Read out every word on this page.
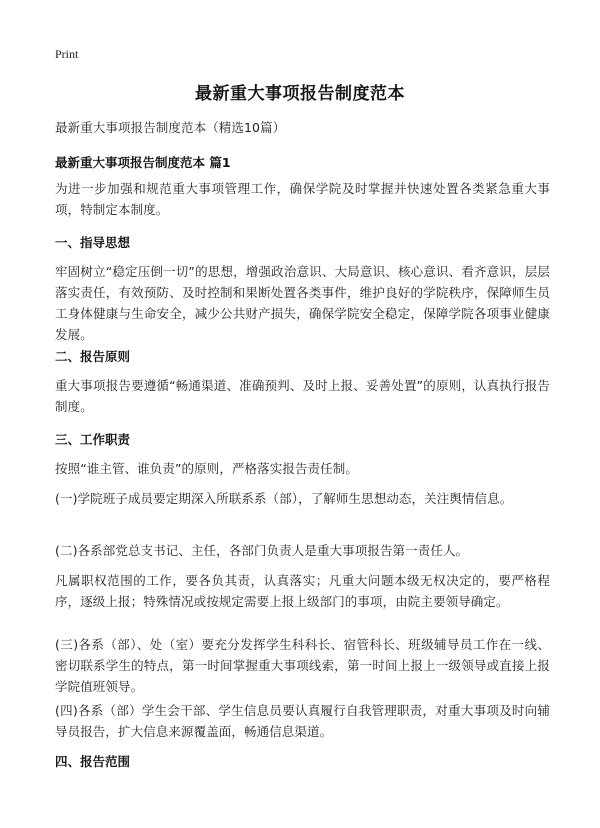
Print
最新重大事项报告制度范本

最新重大事项报告制度范本（精选10篇）

最新重大事项报告制度范本 篇1

为进一步加强和规范重大事项管理工作，确保学院及时掌握并快速处置各类紧急重大事项，特制定本制度。

一、指导思想

牢固树立“稳定压倒一切”的思想，增强政治意识、大局意识、核心意识、看齐意识，层层落实责任，有效预防、及时控制和果断处置各类事件，维护良好的学院秩序，保障师生员工身体健康与生命安全，减少公共财产损失，确保学院安全稳定，保障学院各项事业健康发展。

二、报告原则

重大事项报告要遵循“畅通渠道、准确预判、及时上报、妥善处置”的原则，认真执行报告制度。

三、工作职责

按照“谁主管、谁负责”的原则，严格落实报告责任制。

(一)学院班子成员要定期深入所联系系（部），了解师生思想动态，关注舆情信息。

(二)各系部党总支书记、主任，各部门负责人是重大事项报告第一责任人。

凡属职权范围的工作，要各负其责，认真落实；凡重大问题本级无权决定的，要严格程序，逐级上报；特殊情况或按规定需要上报上级部门的事项，由院主要领导确定。

(三)各系（部）、处（室）要充分发挥学生科科长、宿管科长、班级辅导员工作在一线、密切联系学生的特点，第一时间掌握重大事项线索，第一时间上报上一级领导或直接上报学院值班领导。

(四)各系（部）学生会干部、学生信息员要认真履行自我管理职责，对重大事项及时向辅导员报告，扩大信息来源覆盖面，畅通信息渠道。

四、报告范围
